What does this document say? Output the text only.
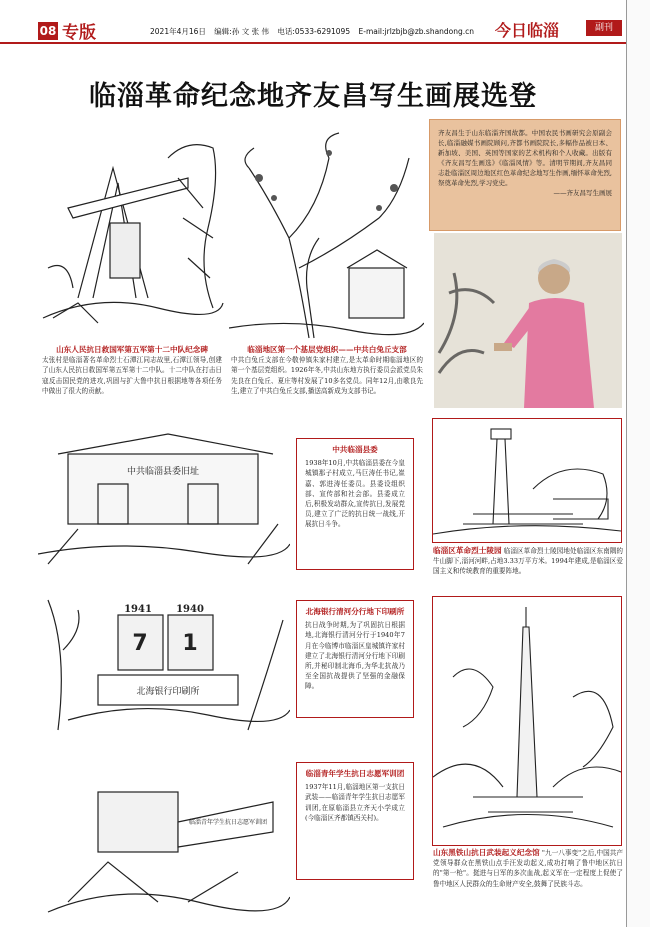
08 专版	2021年4月16日 编辑:孙 文 张 伟 电话:0533-6291095 E-mail:jrlzbjb@zb.shandong.cn	今日临淄	副刊
临淄革命纪念地齐友昌写生画展选登
山东人民抗日救国军第五军第十二中队纪念碑
太张村是临淄著名革命烈士石潭江同志故里,石潭江领导,创建了山东人民抗日救国军第五军第十二中队。十二中队在打击日寇反击国民党的进攻,巩固与扩大鲁中抗日根据地等各项任务中做出了很大的贡献。
临淄地区第一个基层党组织——中共白兔丘支部
中共白兔丘支部在今敬仲镇朱家村建立,是太革命时期临淄地区的第一个基层党组织。1926年冬,中共山东地方执行委员会派党员朱先良在白兔丘、夏庄等村发展了10多名党员。同年12月,由歌良先生,建立了中共白兔丘支部,播送高新成为支部书记。
齐友昌生于山东临淄齐国故都。中国农民书画研究会原副会长,临淄融媒书画院顾问,齐都书画院院长,多幅作品被日本、新加坡、美国、英国等国家的艺术机构和个人收藏。出版有《齐友昌写生画选》《临淄风情》等。清明节期间,齐友昌同志赴临淄区周边地区红色革命纪念地写生作画,缅怀革命先烈,祭奠革命先烈,学习党史。
——齐友昌写生画展
中共临淄县委旧址
中共临淄县委
1938年10月,中共临淄县委在今皇城镇那子村成立,马巨涛任书记,崔嘉、郭进涛任委员。县委设组织部、宣传部和社会部。县委成立后,积极发动群众,宣传抗日,发展党员,建立了广泛的抗日统一战线,开展抗日斗争。
临淄区革命烈士陵园 临淄区革命烈士陵园地处临淄区东南隅的牛山脚下,淄河河畔,占地3.33万平方米。1994年建成,是临淄区爱国主义和传统教育的重要阵地。
1941 1940
7 1
北海银行印刷所
北海银行清河分行地下印刷所
抗日战争时期,为了巩固抗日根据地,北海银行清河分行于1940年7月在今临博市临淄区皇城镇许家村建立了北海银行清河分行地下印刷所,并秘印制北海币,为华北抗战乃至全国抗战提供了坚强的金融保障。
临淄青年学生抗日志愿军训团
临淄青年学生抗日志愿军训团
1937年11月,临淄地区第一支抗日武装——临淄青年学生抗日志愿军训团,在原临淄县立齐天小学成立(今临淄区齐都镇西关村)。
山东黑铁山抗日武装起义纪念馆 "九一八事变"之后,中国共产党领导群众在黑铁山点手汪发动起义,成功打响了鲁中地区抗日的"第一枪"。挺进与日军的多次血战,起义军在一定程度上促使了鲁中地区人民群众的生命财产安全,鼓舞了民族斗志。
